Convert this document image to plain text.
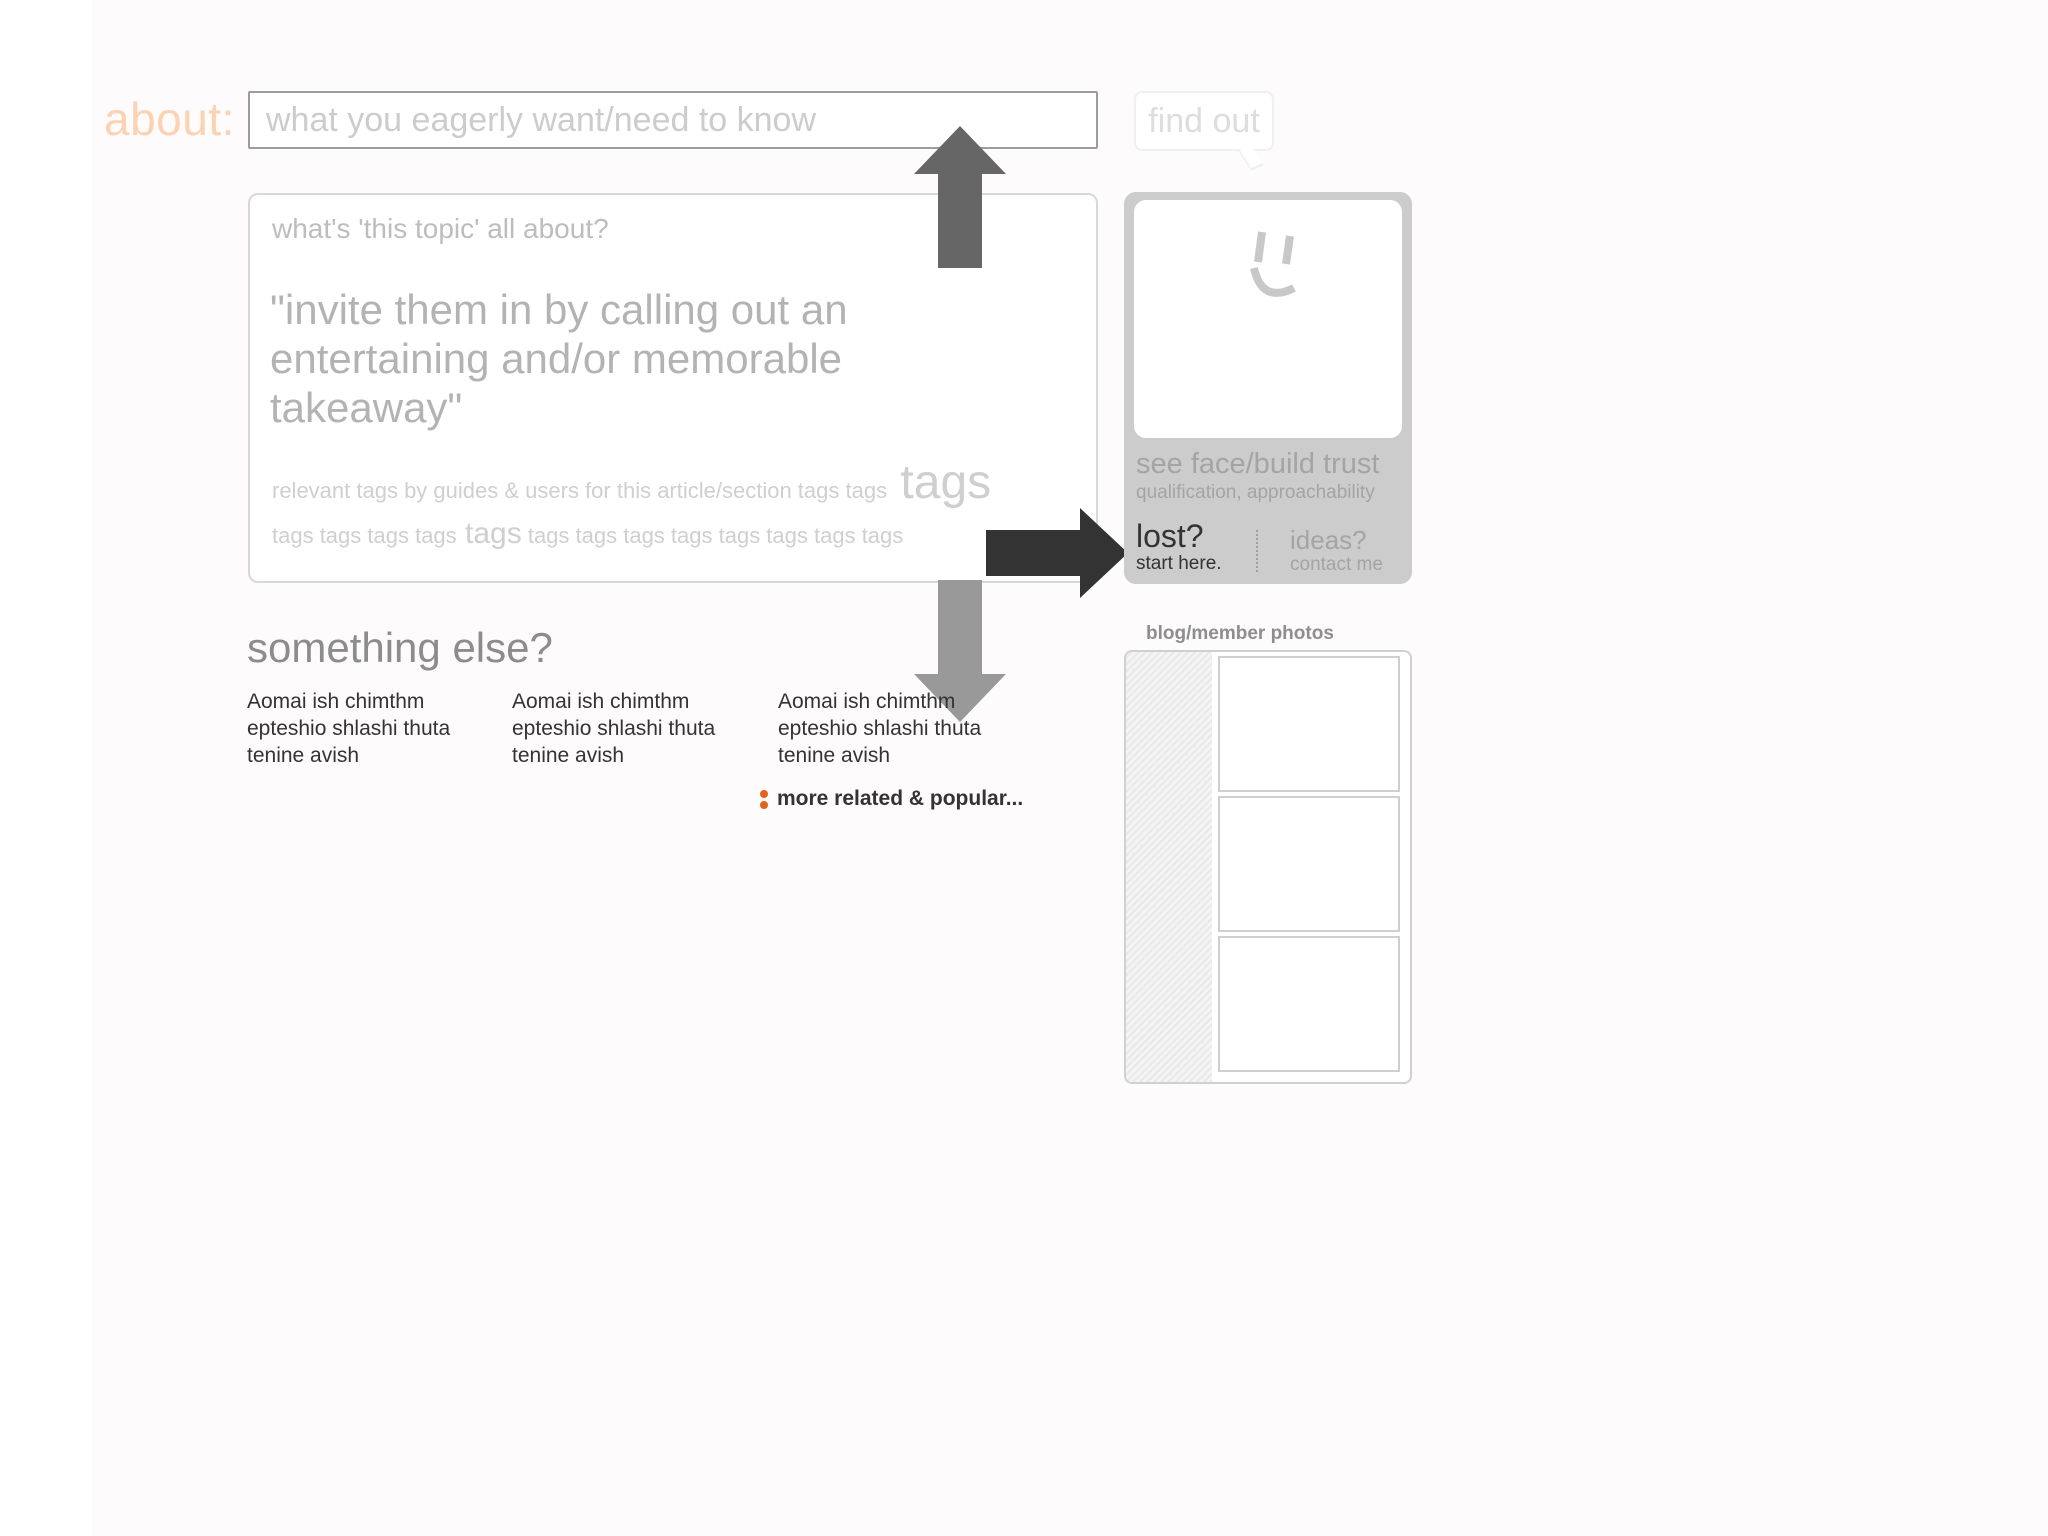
about:
what you eagerly want/need to know	find out
what's 'this topic' all about?
"invite them in by calling out an entertaining and/or memorable takeaway"
relevant tags by guides & users for this article/section tags tags tags
tags tags tags tags tags tags tags tags tags tags tags tags tags
see face/build trust
qualification, approachability
lost?
start here.
ideas?
contact me
something else?
Aomai ish chimthm epteshio shlashi thuta tenine avish
Aomai ish chimthm epteshio shlashi thuta tenine avish
Aomai ish chimthm epteshio shlashi thuta tenine avish
more related & popular...
blog/member photos
